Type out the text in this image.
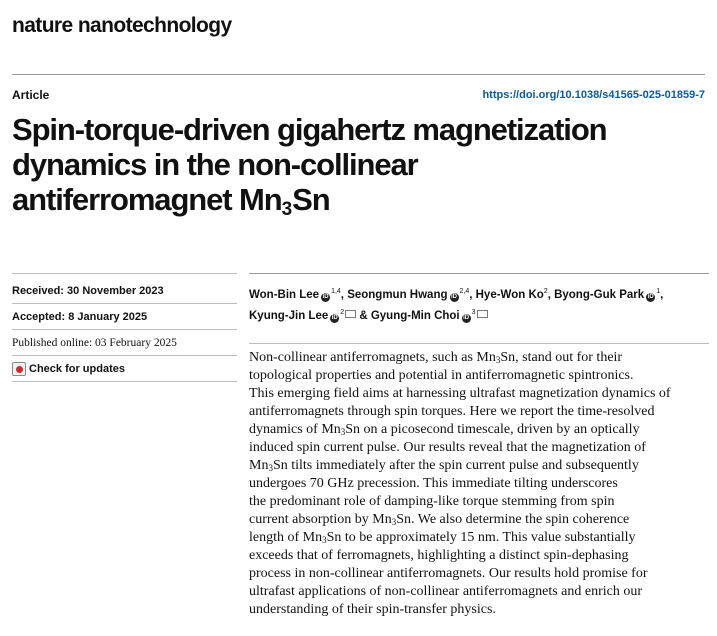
nature nanotechnology
Article	https://doi.org/10.1038/s41565-025-01859-7
Spin-torque-driven gigahertz magnetization
dynamics in the non-collinear
antiferromagnet $Mn_3Sn$
Received: 30 November 2023
Accepted: 8 January 2025
Published online: 03 February 2025
Check for updates
Won-Bin Lee iD$^{1,4}$, Seongmun Hwang iD$^{2,4}$, Hye-Won Ko$^2$, Byong-Guk Park iD$^1$,
Kyung-Jin Lee iD$^2$ & Gyung-Min Choi iD$^3$

Non-collinear antiferromagnets, such as $Mn_3Sn$, stand out for their

topological properties and potential in antiferromagnetic spintronics.

This emerging field aims at harnessing ultrafast magnetization dynamics of

antiferromagnets through spin torques. Here we report the time-resolved

dynamics of $Mn_3Sn$ on a picosecond timescale, driven by an optically

induced spin current pulse. Our results reveal that the magnetization of

$Mn_3Sn$ tilts immediately after the spin current pulse and subsequently

undergoes 70 GHz precession. This immediate tilting underscores

the predominant role of damping-like torque stemming from spin

current absorption by $Mn_3Sn$. We also determine the spin coherence

length of $Mn_3Sn$ to be approximately 15 nm. This value substantially

exceeds that of ferromagnets, highlighting a distinct spin-dephasing

process in non-collinear antiferromagnets. Our results hold promise for

ultrafast applications of non-collinear antiferromagnets and enrich our

understanding of their spin-transfer physics.
